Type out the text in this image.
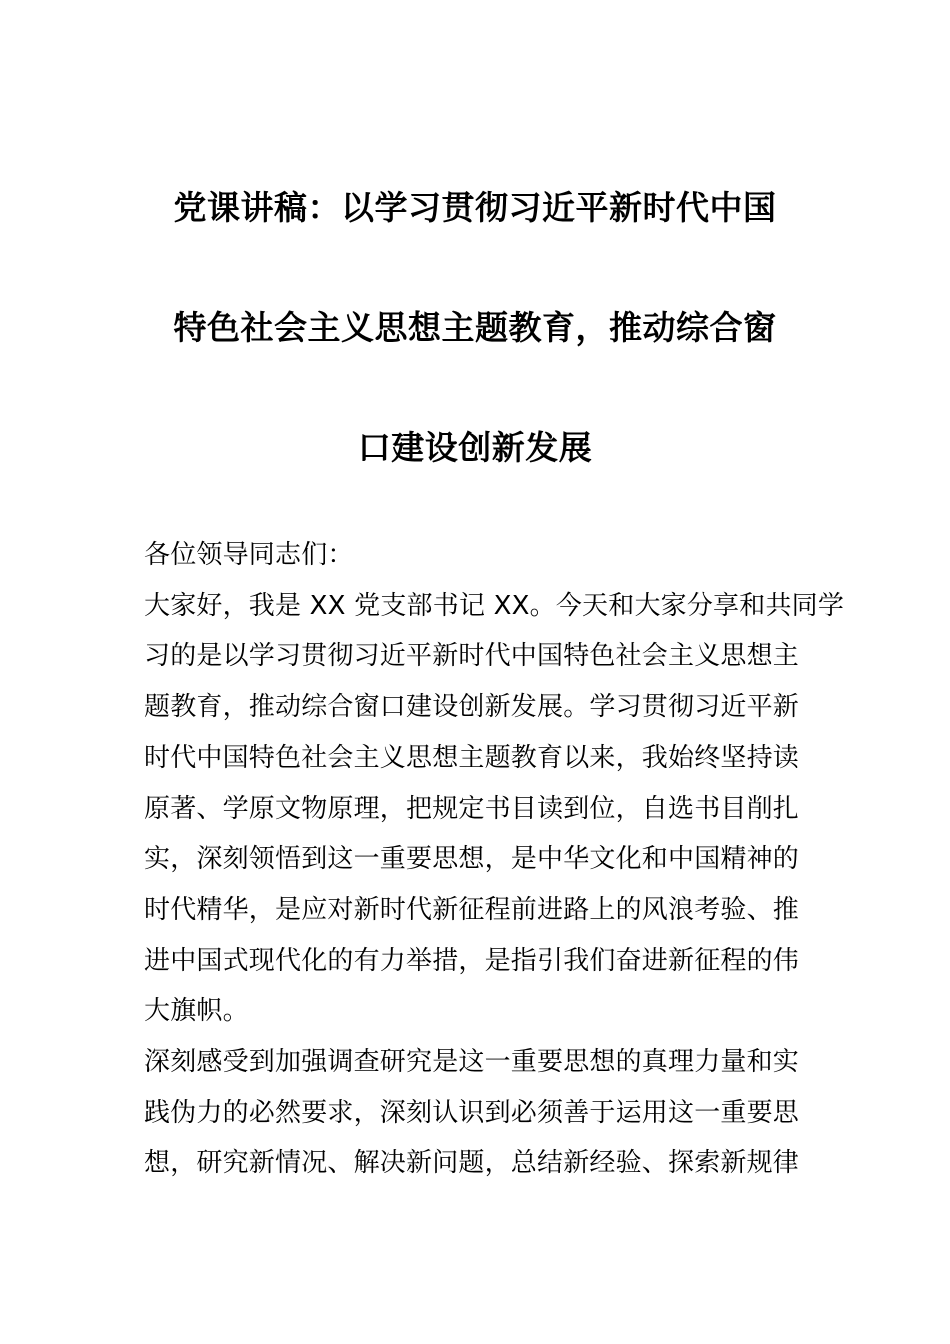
党课讲稿：以学习贯彻习近平新时代中国
特色社会主义思想主题教育，推动综合窗
口建设创新发展
各位领导同志们：
大家好，我是 XX 党支部书记 XX。今天和大家分享和共同学
习的是以学习贯彻习近平新时代中国特色社会主义思想主
题教育，推动综合窗口建设创新发展。学习贯彻习近平新
时代中国特色社会主义思想主题教育以来，我始终坚持读
原著、学原文物原理，把规定书目读到位，自选书目削扎
实，深刻领悟到这一重要思想，是中华文化和中国精神的
时代精华，是应对新时代新征程前进路上的风浪考验、推
进中国式现代化的有力举措，是指引我们奋进新征程的伟
大旗帜。
深刻感受到加强调查研究是这一重要思想的真理力量和实
践伪力的必然要求，深刻认识到必须善于运用这一重要思
想，研究新情况、解决新问题，总结新经验、探索新规律
